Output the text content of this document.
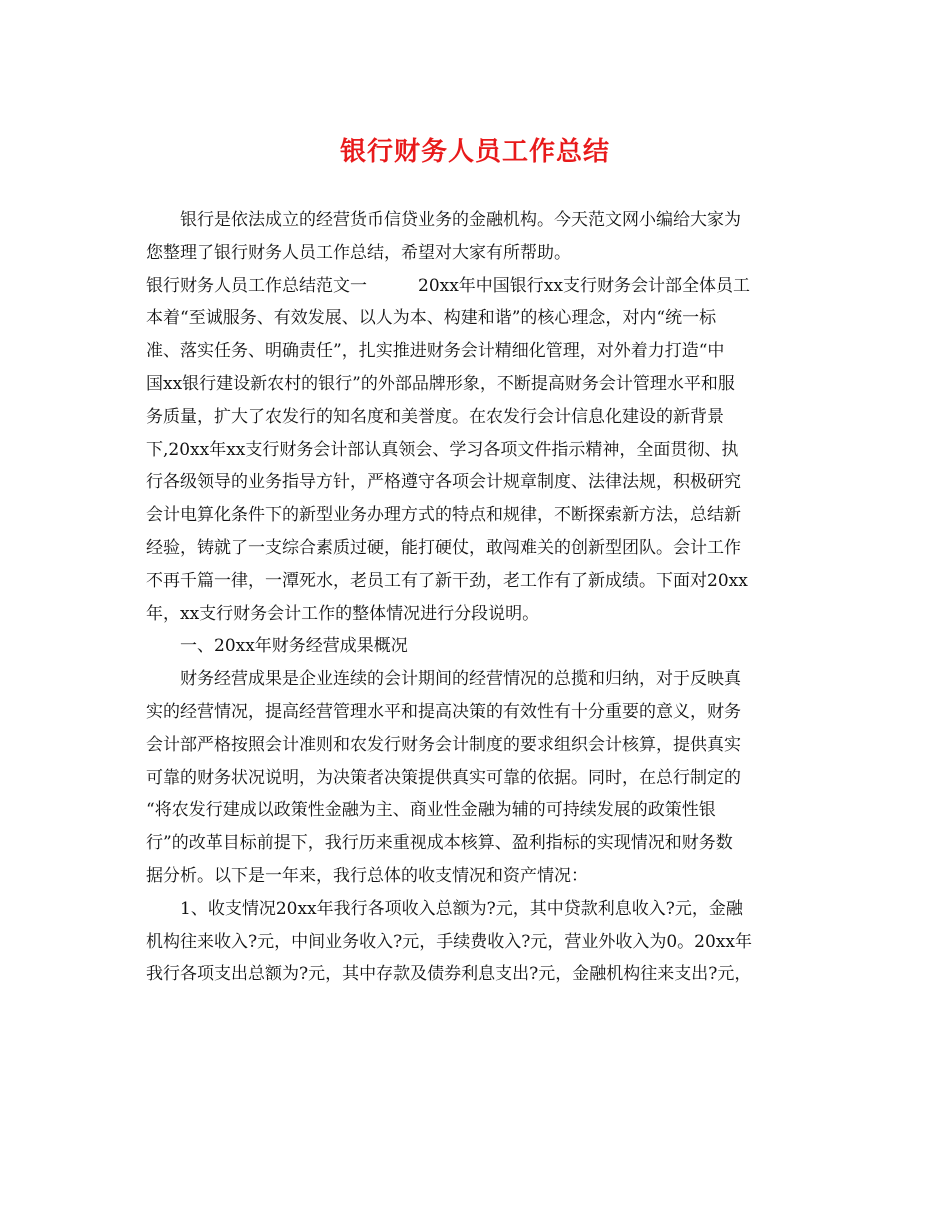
银行财务人员工作总结
银行是依法成立的经营货币信贷业务的金融机构。今天范文网小编给大家为
您整理了银行财务人员工作总结，希望对大家有所帮助。
银行财务人员工作总结范文一　　　20xx年中国银行xx支行财务会计部全体员工
本着“至诚服务、有效发展、以人为本、构建和谐”的核心理念，对内“统一标
准、落实任务、明确责任”，扎实推进财务会计精细化管理，对外着力打造“中
国xx银行建设新农村的银行”的外部品牌形象，不断提高财务会计管理水平和服
务质量，扩大了农发行的知名度和美誉度。在农发行会计信息化建设的新背景
下,20xx年xx支行财务会计部认真领会、学习各项文件指示精神，全面贯彻、执
行各级领导的业务指导方针，严格遵守各项会计规章制度、法律法规，积极研究
会计电算化条件下的新型业务办理方式的特点和规律，不断探索新方法，总结新
经验，铸就了一支综合素质过硬，能打硬仗，敢闯难关的创新型团队。会计工作
不再千篇一律，一潭死水，老员工有了新干劲，老工作有了新成绩。下面对20xx
年，xx支行财务会计工作的整体情况进行分段说明。
一、20xx年财务经营成果概况
财务经营成果是企业连续的会计期间的经营情况的总揽和归纳，对于反映真
实的经营情况，提高经营管理水平和提高决策的有效性有十分重要的意义，财务
会计部严格按照会计准则和农发行财务会计制度的要求组织会计核算，提供真实
可靠的财务状况说明，为决策者决策提供真实可靠的依据。同时，在总行制定的
“将农发行建成以政策性金融为主、商业性金融为辅的可持续发展的政策性银
行”的改革目标前提下，我行历来重视成本核算、盈利指标的实现情况和财务数
据分析。以下是一年来，我行总体的收支情况和资产情况：
1、收支情况20xx年我行各项收入总额为?元，其中贷款利息收入?元，金融
机构往来收入?元，中间业务收入?元，手续费收入?元，营业外收入为0。20xx年
我行各项支出总额为?元，其中存款及债券利息支出?元，金融机构往来支出?元，
